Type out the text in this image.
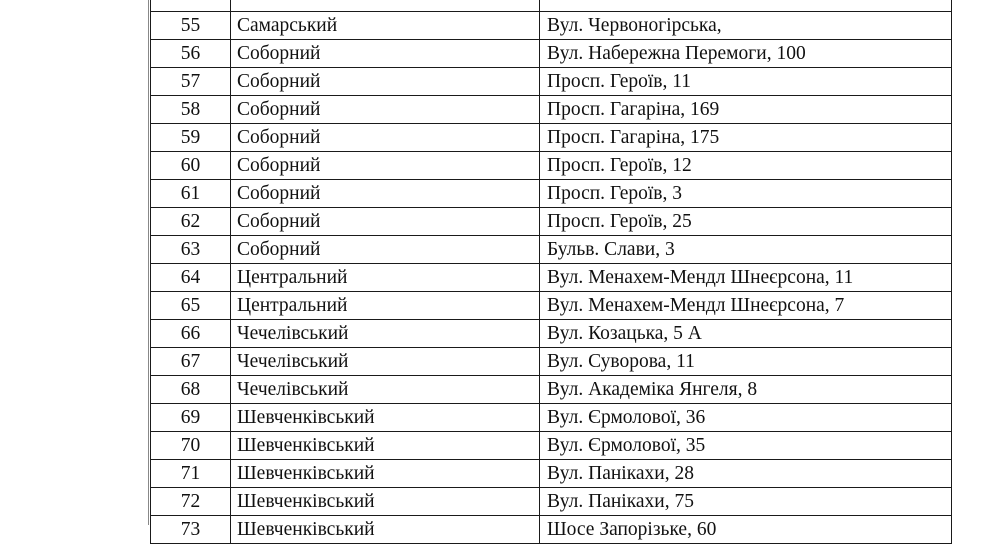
55	Самарський	Вул. Червоногірська,
56	Соборний	Вул. Набережна Перемоги, 100
57	Соборний	Просп. Героїв, 11
58	Соборний	Просп. Гагаріна, 169
59	Соборний	Просп. Гагаріна, 175
60	Соборний	Просп. Героїв, 12
61	Соборний	Просп. Героїв, 3
62	Соборний	Просп. Героїв, 25
63	Соборний	Бульв. Слави, 3
64	Центральний	Вул. Менахем-Мендл Шнеєрсона, 11
65	Центральний	Вул. Менахем-Мендл Шнеєрсона, 7
66	Чечелівський	Вул. Козацька, 5 А
67	Чечелівський	Вул. Суворова, 11
68	Чечелівський	Вул. Академіка Янгеля, 8
69	Шевченківський	Вул. Єрмолової, 36
70	Шевченківський	Вул. Єрмолової, 35
71	Шевченківський	Вул. Панікахи, 28
72	Шевченківський	Вул. Панікахи, 75
73	Шевченківський	Шосе Запорізьке, 60
